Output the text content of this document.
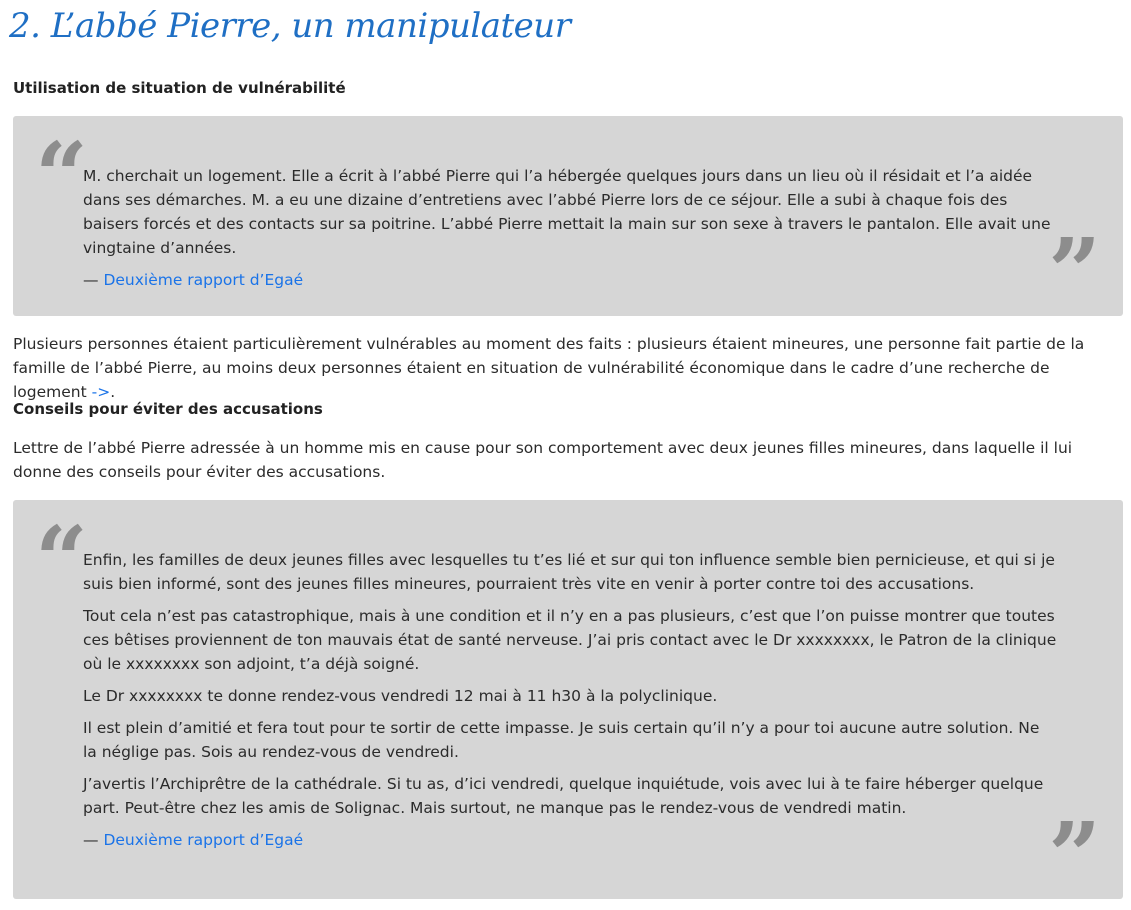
2. L’abbé Pierre, un manipulateur
Utilisation de situation de vulnérabilité
“

M. cherchait un logement. Elle a écrit à l’abbé Pierre qui l’a hébergée quelques jours dans un lieu où il résidait et l’a aidée dans ses démarches. M. a eu une dizaine d’entretiens avec l’abbé Pierre lors de ce séjour. Elle a subi à chaque fois des baisers forcés et des contacts sur sa poitrine. L’abbé Pierre mettait la main sur son sexe à travers le pantalon. Elle avait une vingtaine d’années.

— Deuxième rapport d’Egaé	”

Plusieurs personnes étaient particulièrement vulnérables au moment des faits : plusieurs étaient mineures, une personne fait partie de la famille de l’abbé Pierre, au moins deux personnes étaient en situation de vulnérabilité économique dans le cadre d’une recherche de logement ->.

Conseils pour éviter des accusations

Lettre de l’abbé Pierre adressée à un homme mis en cause pour son comportement avec deux jeunes filles mineures, dans laquelle il lui donne des conseils pour éviter des accusations.

“

Enfin, les familles de deux jeunes filles avec lesquelles tu t’es lié et sur qui ton influence semble bien pernicieuse, et qui si je suis bien informé, sont des jeunes filles mineures, pourraient très vite en venir à porter contre toi des accusations.

Tout cela n’est pas catastrophique, mais à une condition et il n’y en a pas plusieurs, c’est que l’on puisse montrer que toutes ces bêtises proviennent de ton mauvais état de santé nerveuse. J’ai pris contact avec le Dr xxxxxxxx, le Patron de la clinique où le xxxxxxxx son adjoint, t’a déjà soigné.

Le Dr xxxxxxxx te donne rendez-vous vendredi 12 mai à 11 h30 à la polyclinique.

Il est plein d’amitié et fera tout pour te sortir de cette impasse. Je suis certain qu’il n’y a pour toi aucune autre solution. Ne la néglige pas. Sois au rendez-vous de vendredi.

J’avertis l’Archiprêtre de la cathédrale. Si tu as, d’ici vendredi, quelque inquiétude, vois avec lui à te faire héberger quelque part. Peut-être chez les amis de Solignac. Mais surtout, ne manque pas le rendez-vous de vendredi matin.

— Deuxième rapport d’Egaé	”
